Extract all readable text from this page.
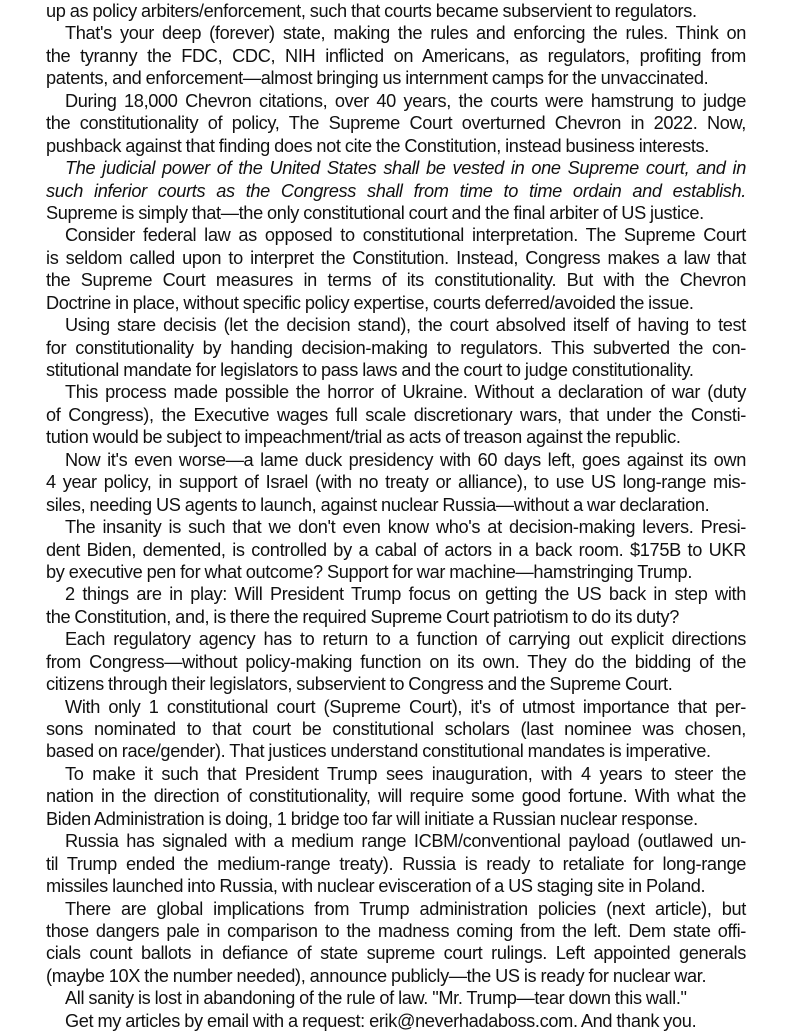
up as policy arbiters/enforcement, such that courts became subservient to regulators.
That's your deep (forever) state, making the rules and enforcing the rules. Think on
the tyranny the FDC, CDC, NIH inflicted on Americans, as regulators, profiting from
patents, and enforcement—almost bringing us internment camps for the unvaccinated.
During 18,000 Chevron citations, over 40 years, the courts were hamstrung to judge
the constitutionality of policy, The Supreme Court overturned Chevron in 2022. Now,
pushback against that finding does not cite the Constitution, instead business interests.
The judicial power of the United States shall be vested in one Supreme court, and in
such inferior courts as the Congress shall from time to time ordain and establish.
Supreme is simply that—the only constitutional court and the final arbiter of US justice.
Consider federal law as opposed to constitutional interpretation. The Supreme Court
is seldom called upon to interpret the Constitution. Instead, Congress makes a law that
the Supreme Court measures in terms of its constitutionality. But with the Chevron
Doctrine in place, without specific policy expertise, courts deferred/avoided the issue.
Using stare decisis (let the decision stand), the court absolved itself of having to test
for constitutionality by handing decision-making to regulators. This subverted the con-
stitutional mandate for legislators to pass laws and the court to judge constitutionality.
This process made possible the horror of Ukraine. Without a declaration of war (duty
of Congress), the Executive wages full scale discretionary wars, that under the Consti-
tution would be subject to impeachment/trial as acts of treason against the republic.
Now it's even worse—a lame duck presidency with 60 days left, goes against its own
4 year policy, in support of Israel (with no treaty or alliance), to use US long-range mis-
siles, needing US agents to launch, against nuclear Russia—without a war declaration.
The insanity is such that we don't even know who's at decision-making levers. Presi-
dent Biden, demented, is controlled by a cabal of actors in a back room. $175B to UKR
by executive pen for what outcome? Support for war machine—hamstringing Trump.
2 things are in play: Will President Trump focus on getting the US back in step with
the Constitution, and, is there the required Supreme Court patriotism to do its duty?
Each regulatory agency has to return to a function of carrying out explicit directions
from Congress—without policy-making function on its own. They do the bidding of the
citizens through their legislators, subservient to Congress and the Supreme Court.
With only 1 constitutional court (Supreme Court), it's of utmost importance that per-
sons nominated to that court be constitutional scholars (last nominee was chosen,
based on race/gender). That justices understand constitutional mandates is imperative.
To make it such that President Trump sees inauguration, with 4 years to steer the
nation in the direction of constitutionality, will require some good fortune. With what the
Biden Administration is doing, 1 bridge too far will initiate a Russian nuclear response.
Russia has signaled with a medium range ICBM/conventional payload (outlawed un-
til Trump ended the medium-range treaty). Russia is ready to retaliate for long-range
missiles launched into Russia, with nuclear evisceration of a US staging site in Poland.
There are global implications from Trump administration policies (next article), but
those dangers pale in comparison to the madness coming from the left. Dem state offi-
cials count ballots in defiance of state supreme court rulings. Left appointed generals
(maybe 10X the number needed), announce publicly—the US is ready for nuclear war.
All sanity is lost in abandoning of the rule of law. "Mr. Trump—tear down this wall."
Get my articles by email with a request: erik@neverhadaboss.com. And thank you.
